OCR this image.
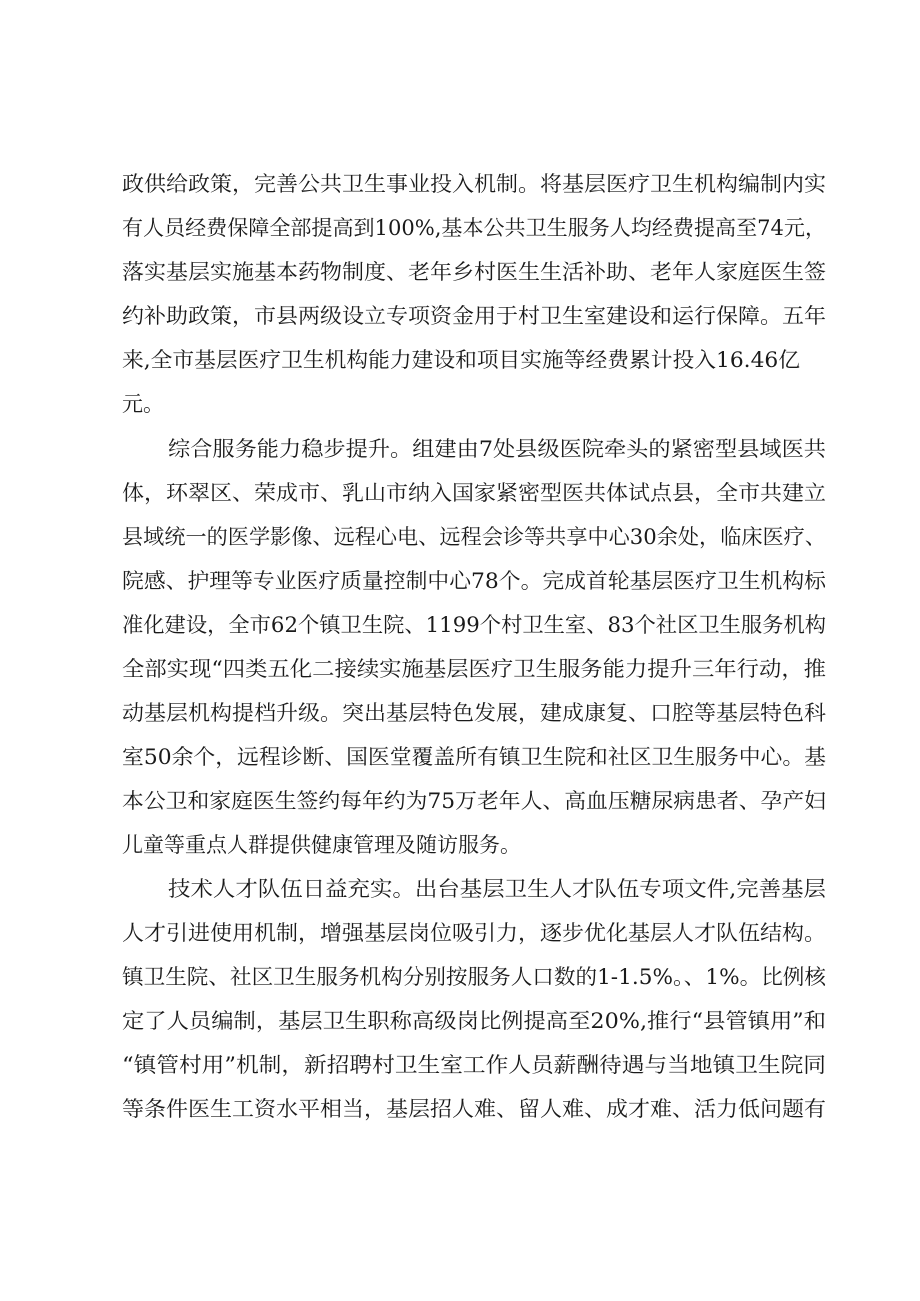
政供给政策，完善公共卫生事业投入机制。将基层医疗卫生机构编制内实
有人员经费保障全部提高到100%,基本公共卫生服务人均经费提高至74元，
落实基层实施基本药物制度、老年乡村医生生活补助、老年人家庭医生签
约补助政策，市县两级设立专项资金用于村卫生室建设和运行保障。五年
来,全市基层医疗卫生机构能力建设和项目实施等经费累计投入16.46亿
元。
综合服务能力稳步提升。组建由7处县级医院牵头的紧密型县域医共
体，环翠区、荣成市、乳山市纳入国家紧密型医共体试点县，全市共建立
县域统一的医学影像、远程心电、远程会诊等共享中心30余处，临床医疗、
院感、护理等专业医疗质量控制中心78个。完成首轮基层医疗卫生机构标
准化建设，全市62个镇卫生院、1199个村卫生室、83个社区卫生服务机构
全部实现“四类五化二接续实施基层医疗卫生服务能力提升三年行动，推
动基层机构提档升级。突出基层特色发展，建成康复、口腔等基层特色科
室50余个，远程诊断、国医堂覆盖所有镇卫生院和社区卫生服务中心。基
本公卫和家庭医生签约每年约为75万老年人、高血压糖尿病患者、孕产妇
儿童等重点人群提供健康管理及随访服务。
技术人才队伍日益充实。出台基层卫生人才队伍专项文件,完善基层
人才引进使用机制，增强基层岗位吸引力，逐步优化基层人才队伍结构。
镇卫生院、社区卫生服务机构分别按服务人口数的1-1.5%。、1%。比例核
定了人员编制，基层卫生职称高级岗比例提高至20%,推行“县管镇用”和
“镇管村用”机制，新招聘村卫生室工作人员薪酬待遇与当地镇卫生院同
等条件医生工资水平相当，基层招人难、留人难、成才难、活力低问题有
